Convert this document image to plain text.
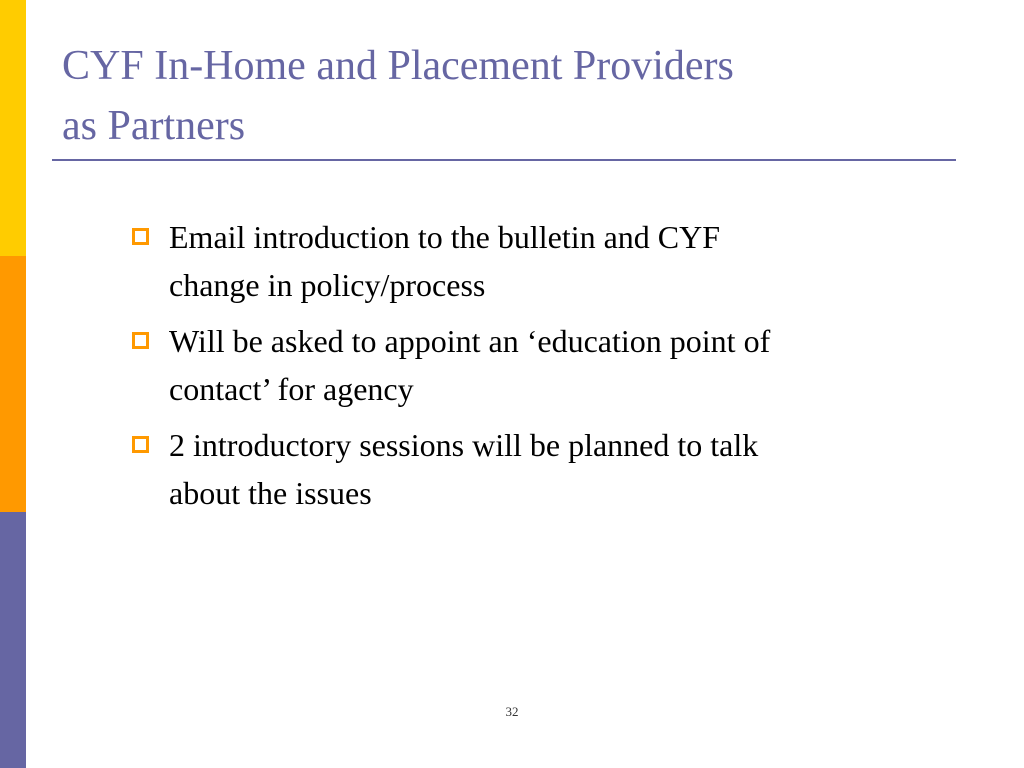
CYF In-Home and Placement Providers
as Partners
Email introduction to the bulletin and CYF
change in policy/process
Will be asked to appoint an ‘education point of
contact’ for agency
2 introductory sessions will be planned to talk
about the issues
32
